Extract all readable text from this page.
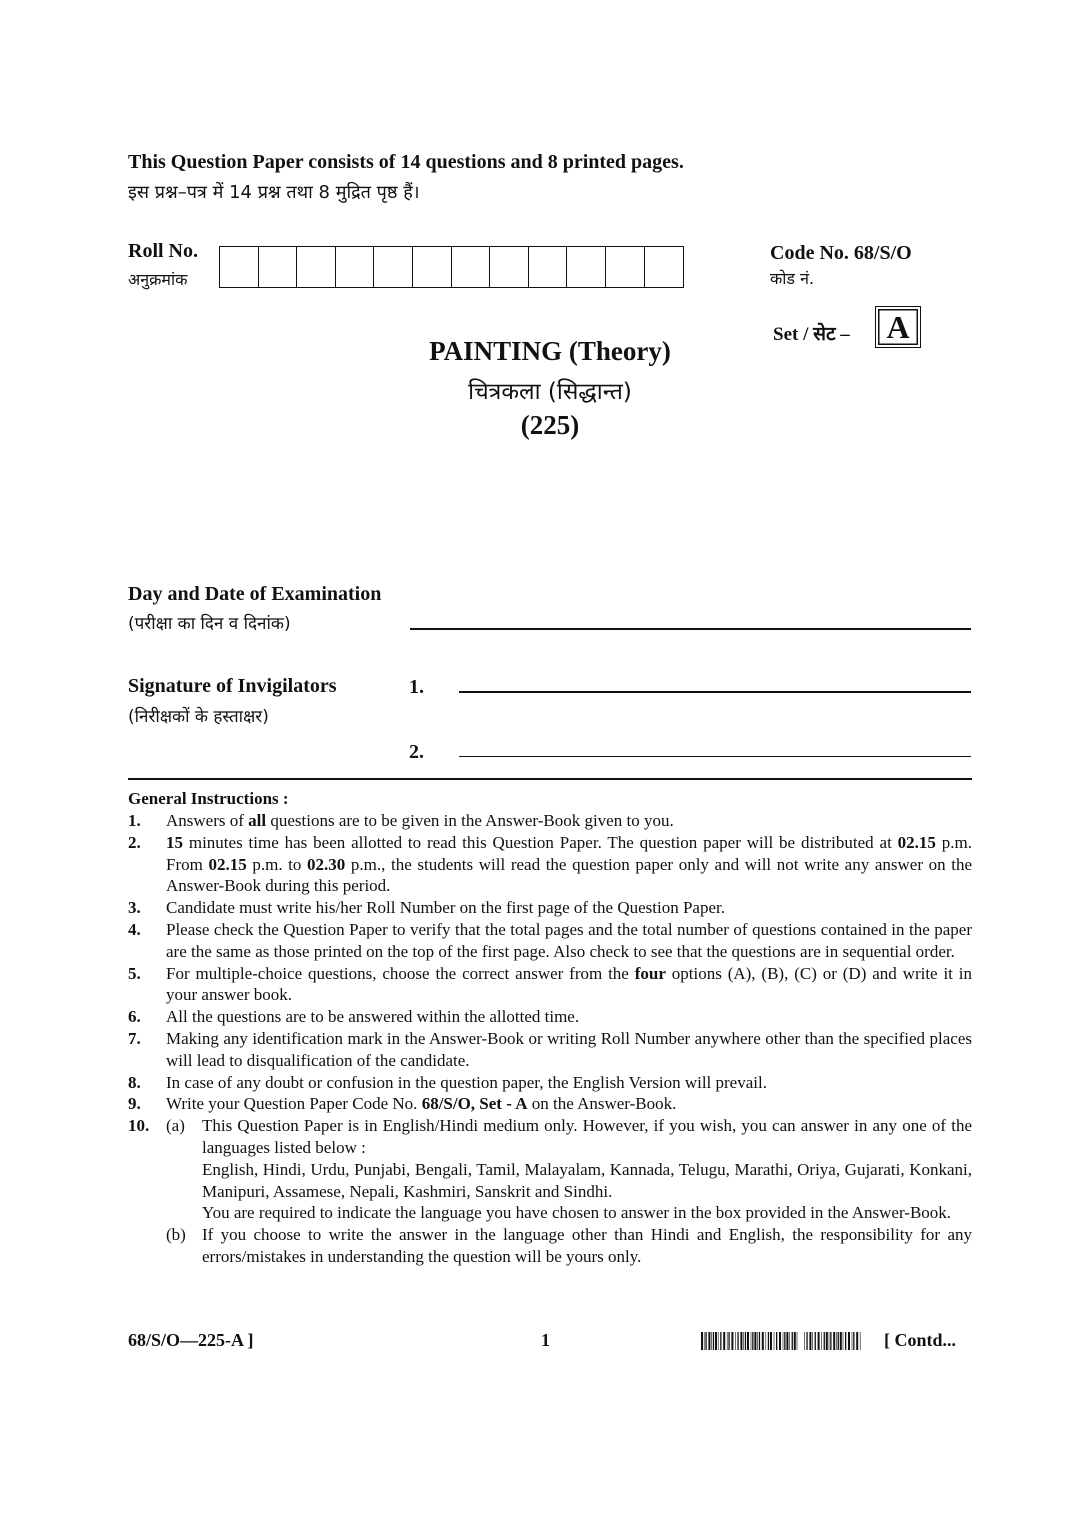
This Question Paper consists of 14 questions and 8 printed pages.
इस प्रश्न–पत्र में 14 प्रश्न तथा 8 मुद्रित पृष्ठ हैं।
Roll No.
अनुक्रमांक
Code No. 68/S/O
कोड नं.
Set / सेट –	A
PAINTING (Theory)
चित्रकला (सिद्धान्त)
(225)
Day and Date of Examination
(परीक्षा का दिन व दिनांक)
Signature of Invigilators
(निरीक्षकों के हस्ताक्षर)
1.
2.
General Instructions :
1.	Answers of all questions are to be given in the Answer-Book given to you.
2.	15 minutes time has been allotted to read this Question Paper. The question paper will be distributed at 02.15 p.m. From 02.15 p.m. to 02.30 p.m., the students will read the question paper only and will not write any answer on the Answer-Book during this period.
3.	Candidate must write his/her Roll Number on the first page of the Question Paper.
4.	Please check the Question Paper to verify that the total pages and the total number of questions contained in the paper are the same as those printed on the top of the first page. Also check to see that the questions are in sequential order.
5.	For multiple-choice questions, choose the correct answer from the four options (A), (B), (C) or (D) and write it in your answer book.
6.	All the questions are to be answered within the allotted time.
7.	Making any identification mark in the Answer-Book or writing Roll Number anywhere other than the specified places will lead to disqualification of the candidate.
8.	In case of any doubt or confusion in the question paper, the English Version will prevail.
9.	Write your Question Paper Code No. 68/S/O, Set - A on the Answer-Book.
10. (a)	This Question Paper is in English/Hindi medium only. However, if you wish, you can answer in any one of the languages listed below :
English, Hindi, Urdu, Punjabi, Bengali, Tamil, Malayalam, Kannada, Telugu, Marathi, Oriya, Gujarati, Konkani, Manipuri, Assamese, Nepali, Kashmiri, Sanskrit and Sindhi.
You are required to indicate the language you have chosen to answer in the box provided in the Answer-Book.
(b) If you choose to write the answer in the language other than Hindi and English, the responsibility for any errors/mistakes in understanding the question will be yours only.
68/S/O—225-A ]	1	[ Contd...
